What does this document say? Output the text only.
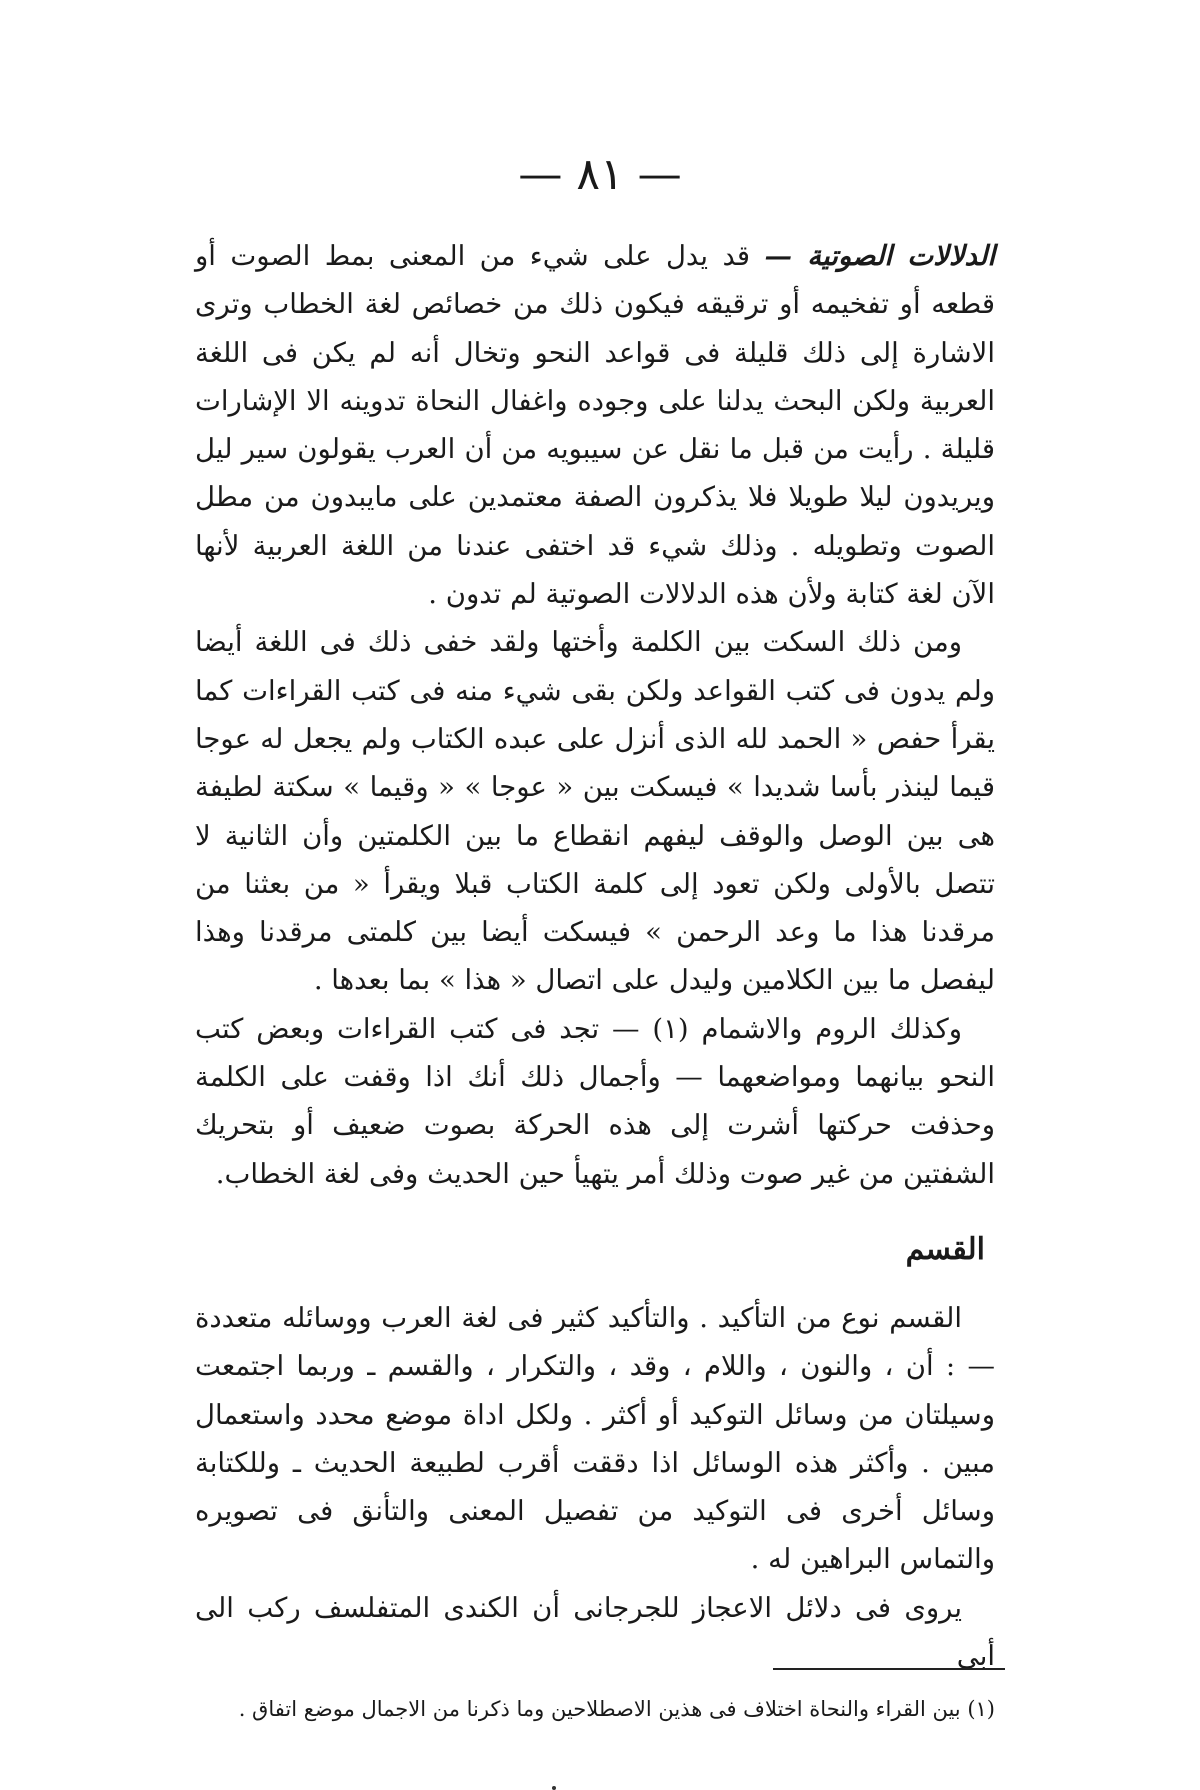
— ٨١ —

الدلالات الصوتية — قد يدل على شيء من المعنى بمط الصوت أو قطعه أو تفخيمه أو ترقيقه فيكون ذلك من خصائص لغة الخطاب وترى الاشارة إلى ذلك قليلة فى قواعد النحو وتخال أنه لم يكن فى اللغة العربية ولكن البحث يدلنا على وجوده واغفال النحاة تدوينه الا الإشارات قليلة . رأيت من قبل ما نقل عن سيبويه من أن العرب يقولون سير ليل ويريدون ليلا طويلا فلا يذكرون الصفة معتمدين على مايبدون من مطل الصوت وتطويله . وذلك شيء قد اختفى عندنا من اللغة العربية لأنها الآن لغة كتابة ولأن هذه الدلالات الصوتية لم تدون .

ومن ذلك السكت بين الكلمة وأختها ولقد خفى ذلك فى اللغة أيضا ولم يدون فى كتب القواعد ولكن بقى شيء منه فى كتب القراءات كما يقرأ حفص « الحمد لله الذى أنزل على عبده الكتاب ولم يجعل له عوجا قيما لينذر بأسا شديدا » فيسكت بين « عوجا » « وقيما » سكتة لطيفة هى بين الوصل والوقف ليفهم انقطاع ما بين الكلمتين وأن الثانية لا تتصل بالأولى ولكن تعود إلى كلمة الكتاب قبلا ويقرأ « من بعثنا من مرقدنا هذا ما وعد الرحمن » فيسكت أيضا بين كلمتى مرقدنا وهذا ليفصل ما بين الكلامين وليدل على اتصال « هذا » بما بعدها .

وكذلك الروم والاشمام (١) — تجد فى كتب القراءات وبعض كتب النحو بيانهما ومواضعهما — وأجمال ذلك أنك اذا وقفت على الكلمة وحذفت حركتها أشرت إلى هذه الحركة بصوت ضعيف أو بتحريك الشفتين من غير صوت وذلك أمر يتهيأ حين الحديث وفى لغة الخطاب.

القسم

القسم نوع من التأكيد . والتأكيد كثير فى لغة العرب ووسائله متعددة — : أن ، والنون ، واللام ، وقد ، والتكرار ، والقسم ـ وربما اجتمعت وسيلتان من وسائل التوكيد أو أكثر . ولكل اداة موضع محدد واستعمال مبين . وأكثر هذه الوسائل اذا دققت أقرب لطبيعة الحديث ـ وللكتابة وسائل أخرى فى التوكيد من تفصيل المعنى والتأنق فى تصويره والتماس البراهين له .

يروى فى دلائل الاعجاز للجرجانى أن الكندى المتفلسف ركب الى أبى

(١) بين القراء والنحاة اختلاف فى هذين الاصطلاحين وما ذكرنا من الاجمال موضع اتفاق .
